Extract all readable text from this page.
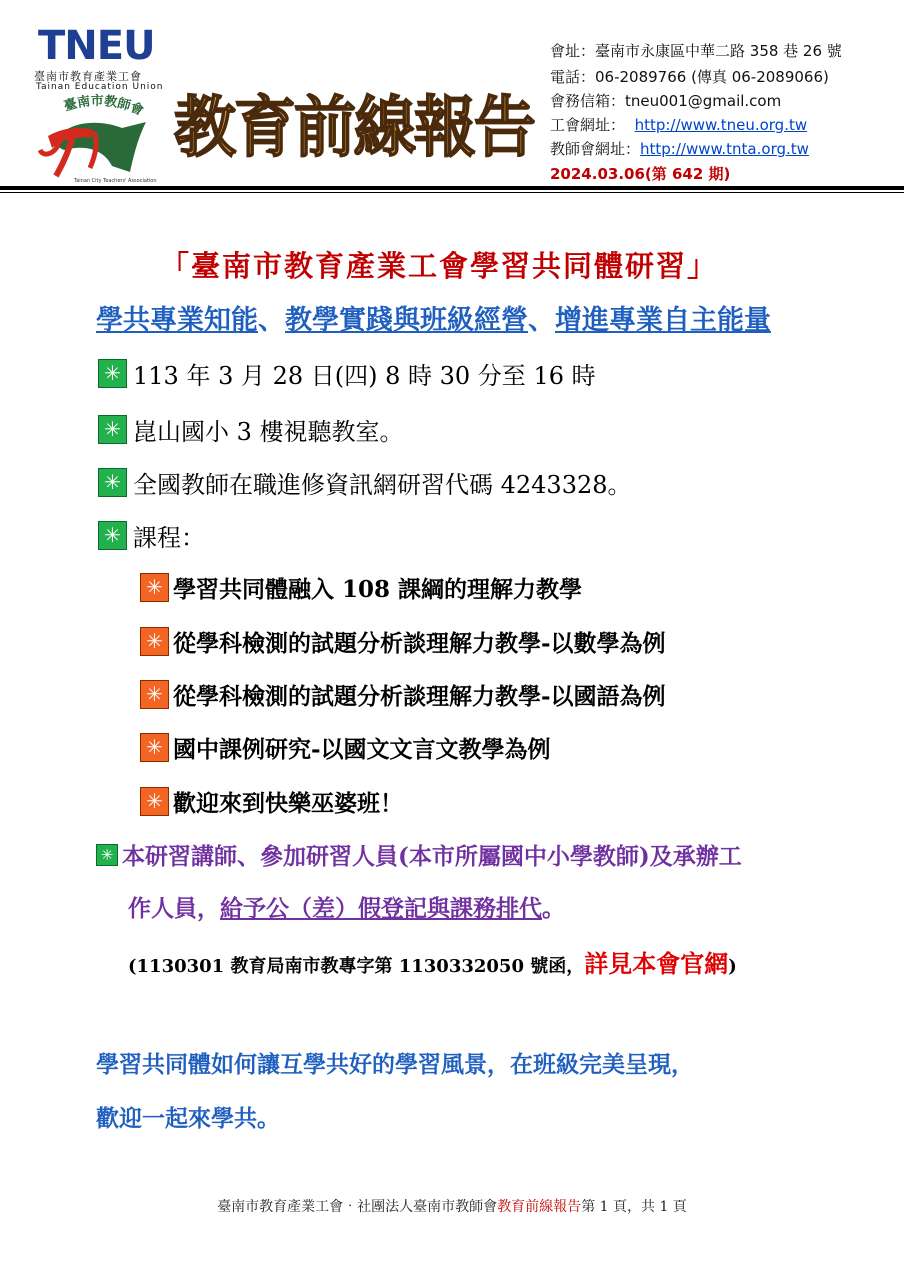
TNEU
臺南市教育產業工會
Tainan Education Union
臺南市教師會
Tainan City Teachers' Association
教育前線報告
會址：臺南市永康區中華二路 358 巷 26 號
電話：06-2089766 (傳真 06-2089066)
會務信箱：tneu001@gmail.com
工會網址： http://www.tneu.org.tw
教師會網址：http://www.tnta.org.tw
2024.03.06(第 642 期)
「臺南市教育產業工會學習共同體研習」
學共專業知能、教學實踐與班級經營、增進專業自主能量
✳ 113 年 3 月 28 日(四) 8 時 30 分至 16 時
✳ 崑山國小 3 樓視聽教室。
✳ 全國教師在職進修資訊網研習代碼 4243328。
✳ 課程：
✳ 學習共同體融入 108 課綱的理解力教學
✳ 從學科檢測的試題分析談理解力教學-以數學為例
✳ 從學科檢測的試題分析談理解力教學-以國語為例
✳ 國中課例研究-以國文文言文教學為例
✳ 歡迎來到快樂巫婆班！
✳ 本研習講師、參加研習人員(本市所屬國中小學教師)及承辦工
作人員，給予公（差）假登記與課務排代。
(1130301 教育局南市教專字第 1130332050 號函，詳見本會官網)
學習共同體如何讓互學共好的學習風景，在班級完美呈現，
歡迎一起來學共。
臺南市教育產業工會‧社團法人臺南市教師會教育前線報告第 1 頁，共 1 頁
